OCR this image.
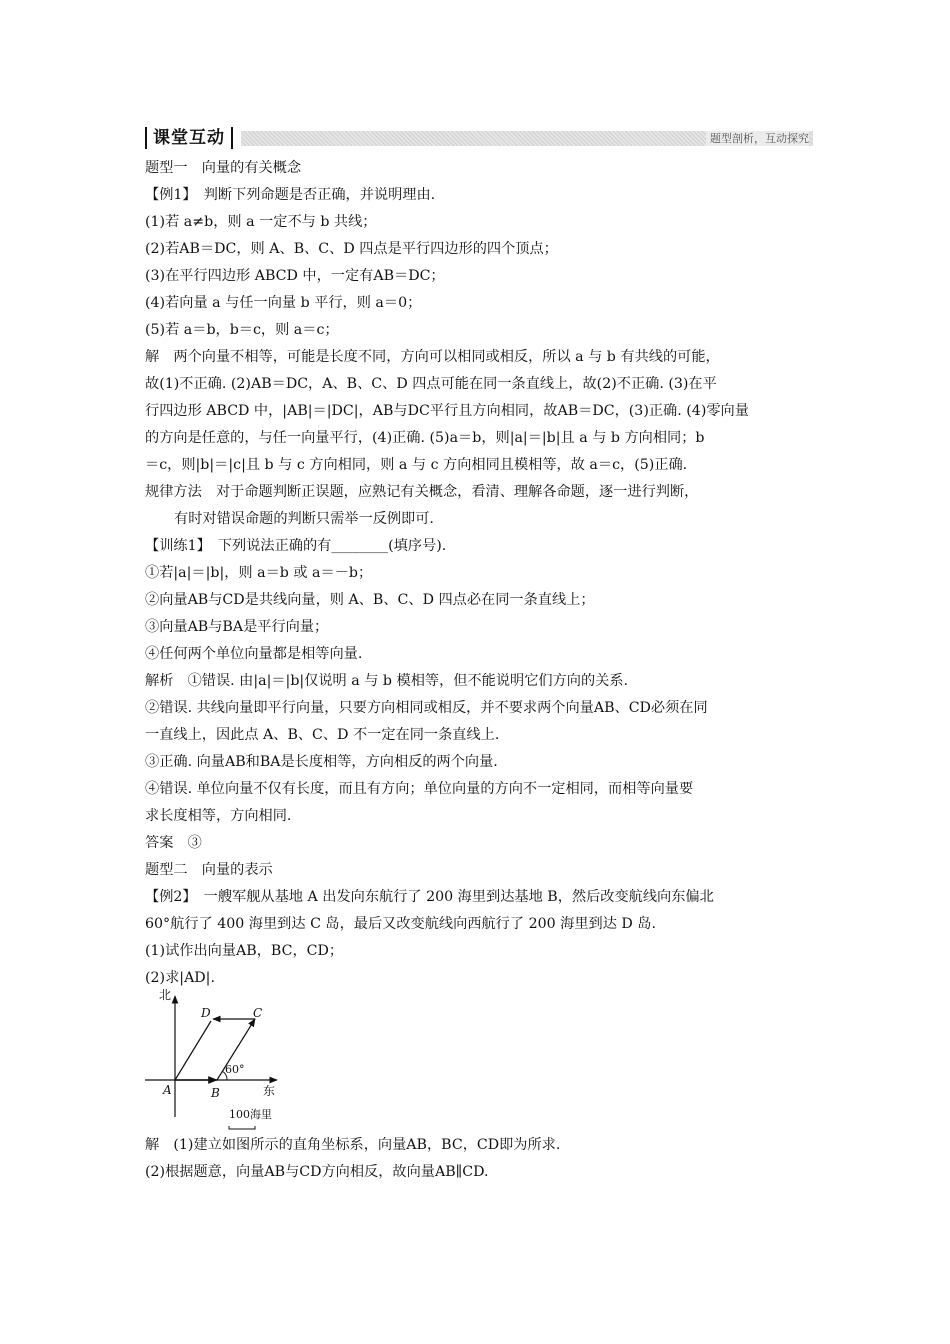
课堂互动	题型剖析，互动探究

题型一　向量的有关概念

【例1】　判断下列命题是否正确，并说明理由.

(1)若 a≠b，则 a 一定不与 b 共线；

(2)若AB＝DC，则 A、B、C、D 四点是平行四边形的四个顶点；

(3)在平行四边形 ABCD 中，一定有AB＝DC；

(4)若向量 a 与任一向量 b 平行，则 a＝0；

(5)若 a＝b，b＝c，则 a＝c；

解　两个向量不相等，可能是长度不同，方向可以相同或相反，所以 a 与 b 有共线的可能，

故(1)不正确. (2)AB＝DC，A、B、C、D 四点可能在同一条直线上，故(2)不正确. (3)在平

行四边形 ABCD 中，|AB|＝|DC|，AB与DC平行且方向相同，故AB＝DC，(3)正确. (4)零向量

的方向是任意的，与任一向量平行，(4)正确. (5)a＝b，则|a|＝|b|且 a 与 b 方向相同；b

＝c，则|b|＝|c|且 b 与 c 方向相同，则 a 与 c 方向相同且模相等，故 a＝c，(5)正确.

规律方法　对于命题判断正误题，应熟记有关概念，看清、理解各命题，逐一进行判断，

有时对错误命题的判断只需举一反例即可.

【训练1】　下列说法正确的有________(填序号).

①若|a|＝|b|，则 a＝b 或 a＝－b；

②向量AB与CD是共线向量，则 A、B、C、D 四点必在同一条直线上；

③向量AB与BA是平行向量；

④任何两个单位向量都是相等向量.

解析　①错误. 由|a|＝|b|仅说明 a 与 b 模相等，但不能说明它们方向的关系.

②错误. 共线向量即平行向量，只要方向相同或相反，并不要求两个向量AB、CD必须在同

一直线上，因此点 A、B、C、D 不一定在同一条直线上.

③正确. 向量AB和BA是长度相等，方向相反的两个向量.

④错误. 单位向量不仅有长度，而且有方向；单位向量的方向不一定相同，而相等向量要

求长度相等，方向相同.

答案　③

题型二　向量的表示

【例2】　一艘军舰从基地 A 出发向东航行了 200 海里到达基地 B，然后改变航线向东偏北

60°航行了 400 海里到达 C 岛，最后又改变航线向西航行了 200 海里到达 D 岛.

(1)试作出向量AB，BC，CD；

(2)求|AD|.

北
东
A	B
C
D
60°
100海里

解　(1)建立如图所示的直角坐标系，向量AB，BC，CD即为所求.

(2)根据题意，向量AB与CD方向相反，故向量AB∥CD.
